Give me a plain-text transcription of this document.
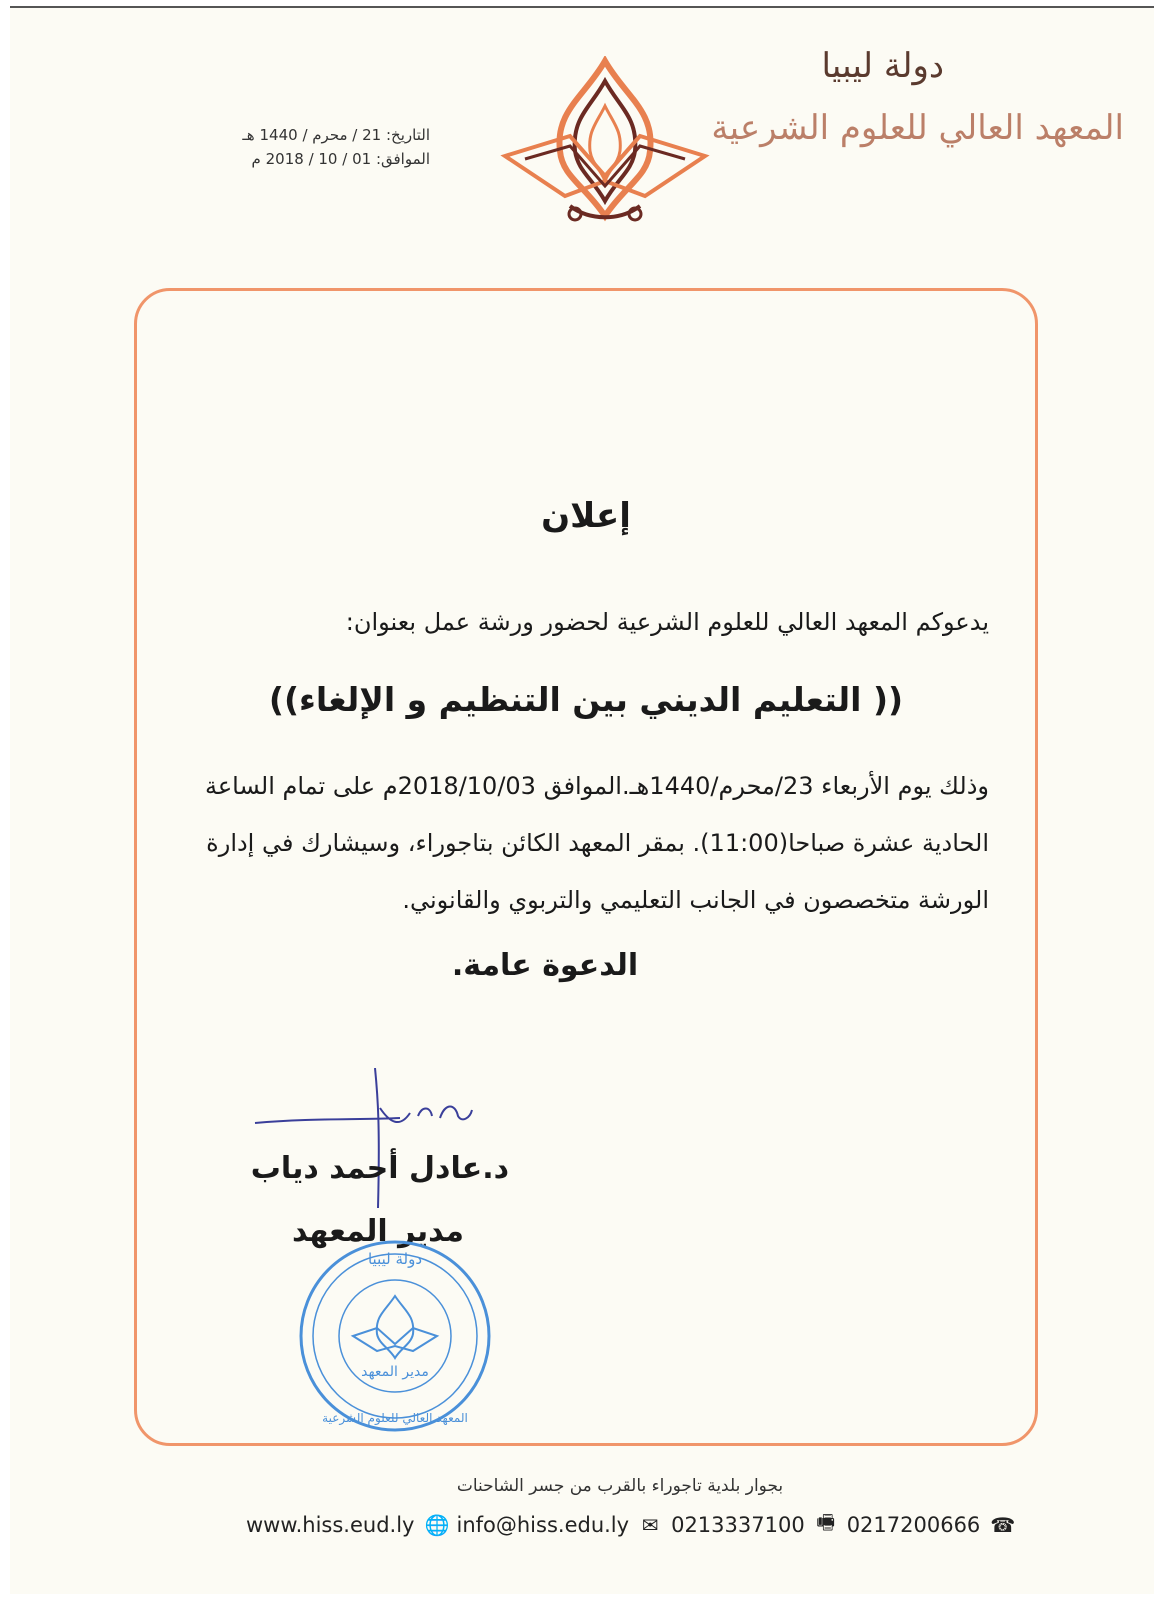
دولة ليبيا
المعهد العالي للعلوم الشرعية
التاريخ: 21 / محرم / 1440 هـ
الموافق: 01 / 10 / 2018 م
إعلان
يدعوكم المعهد العالي للعلوم الشرعية لحضور ورشة عمل بعنوان:
(( التعليم الديني بين التنظيم و الإلغاء))
وذلك يوم الأربعاء 23/محرم/1440هـ.الموافق 2018/10/03م على تمام الساعة
الحادية عشرة صباحا(11:00). بمقر المعهد الكائن بتاجوراء، وسيشارك في إدارة
الورشة متخصصون في الجانب التعليمي والتربوي والقانوني.
الدعوة عامة.
د.عادل أحمد دياب
مدير المعهد
مدير المعهد
دولة ليبيا
المعهد العالي للعلوم الشرعية
بجوار بلدية تاجوراء بالقرب من جسر الشاحنات
www.hiss.eud.ly 🌐 info@hiss.edu.ly ✉ 0213337100 🖷 0217200666 ☎
